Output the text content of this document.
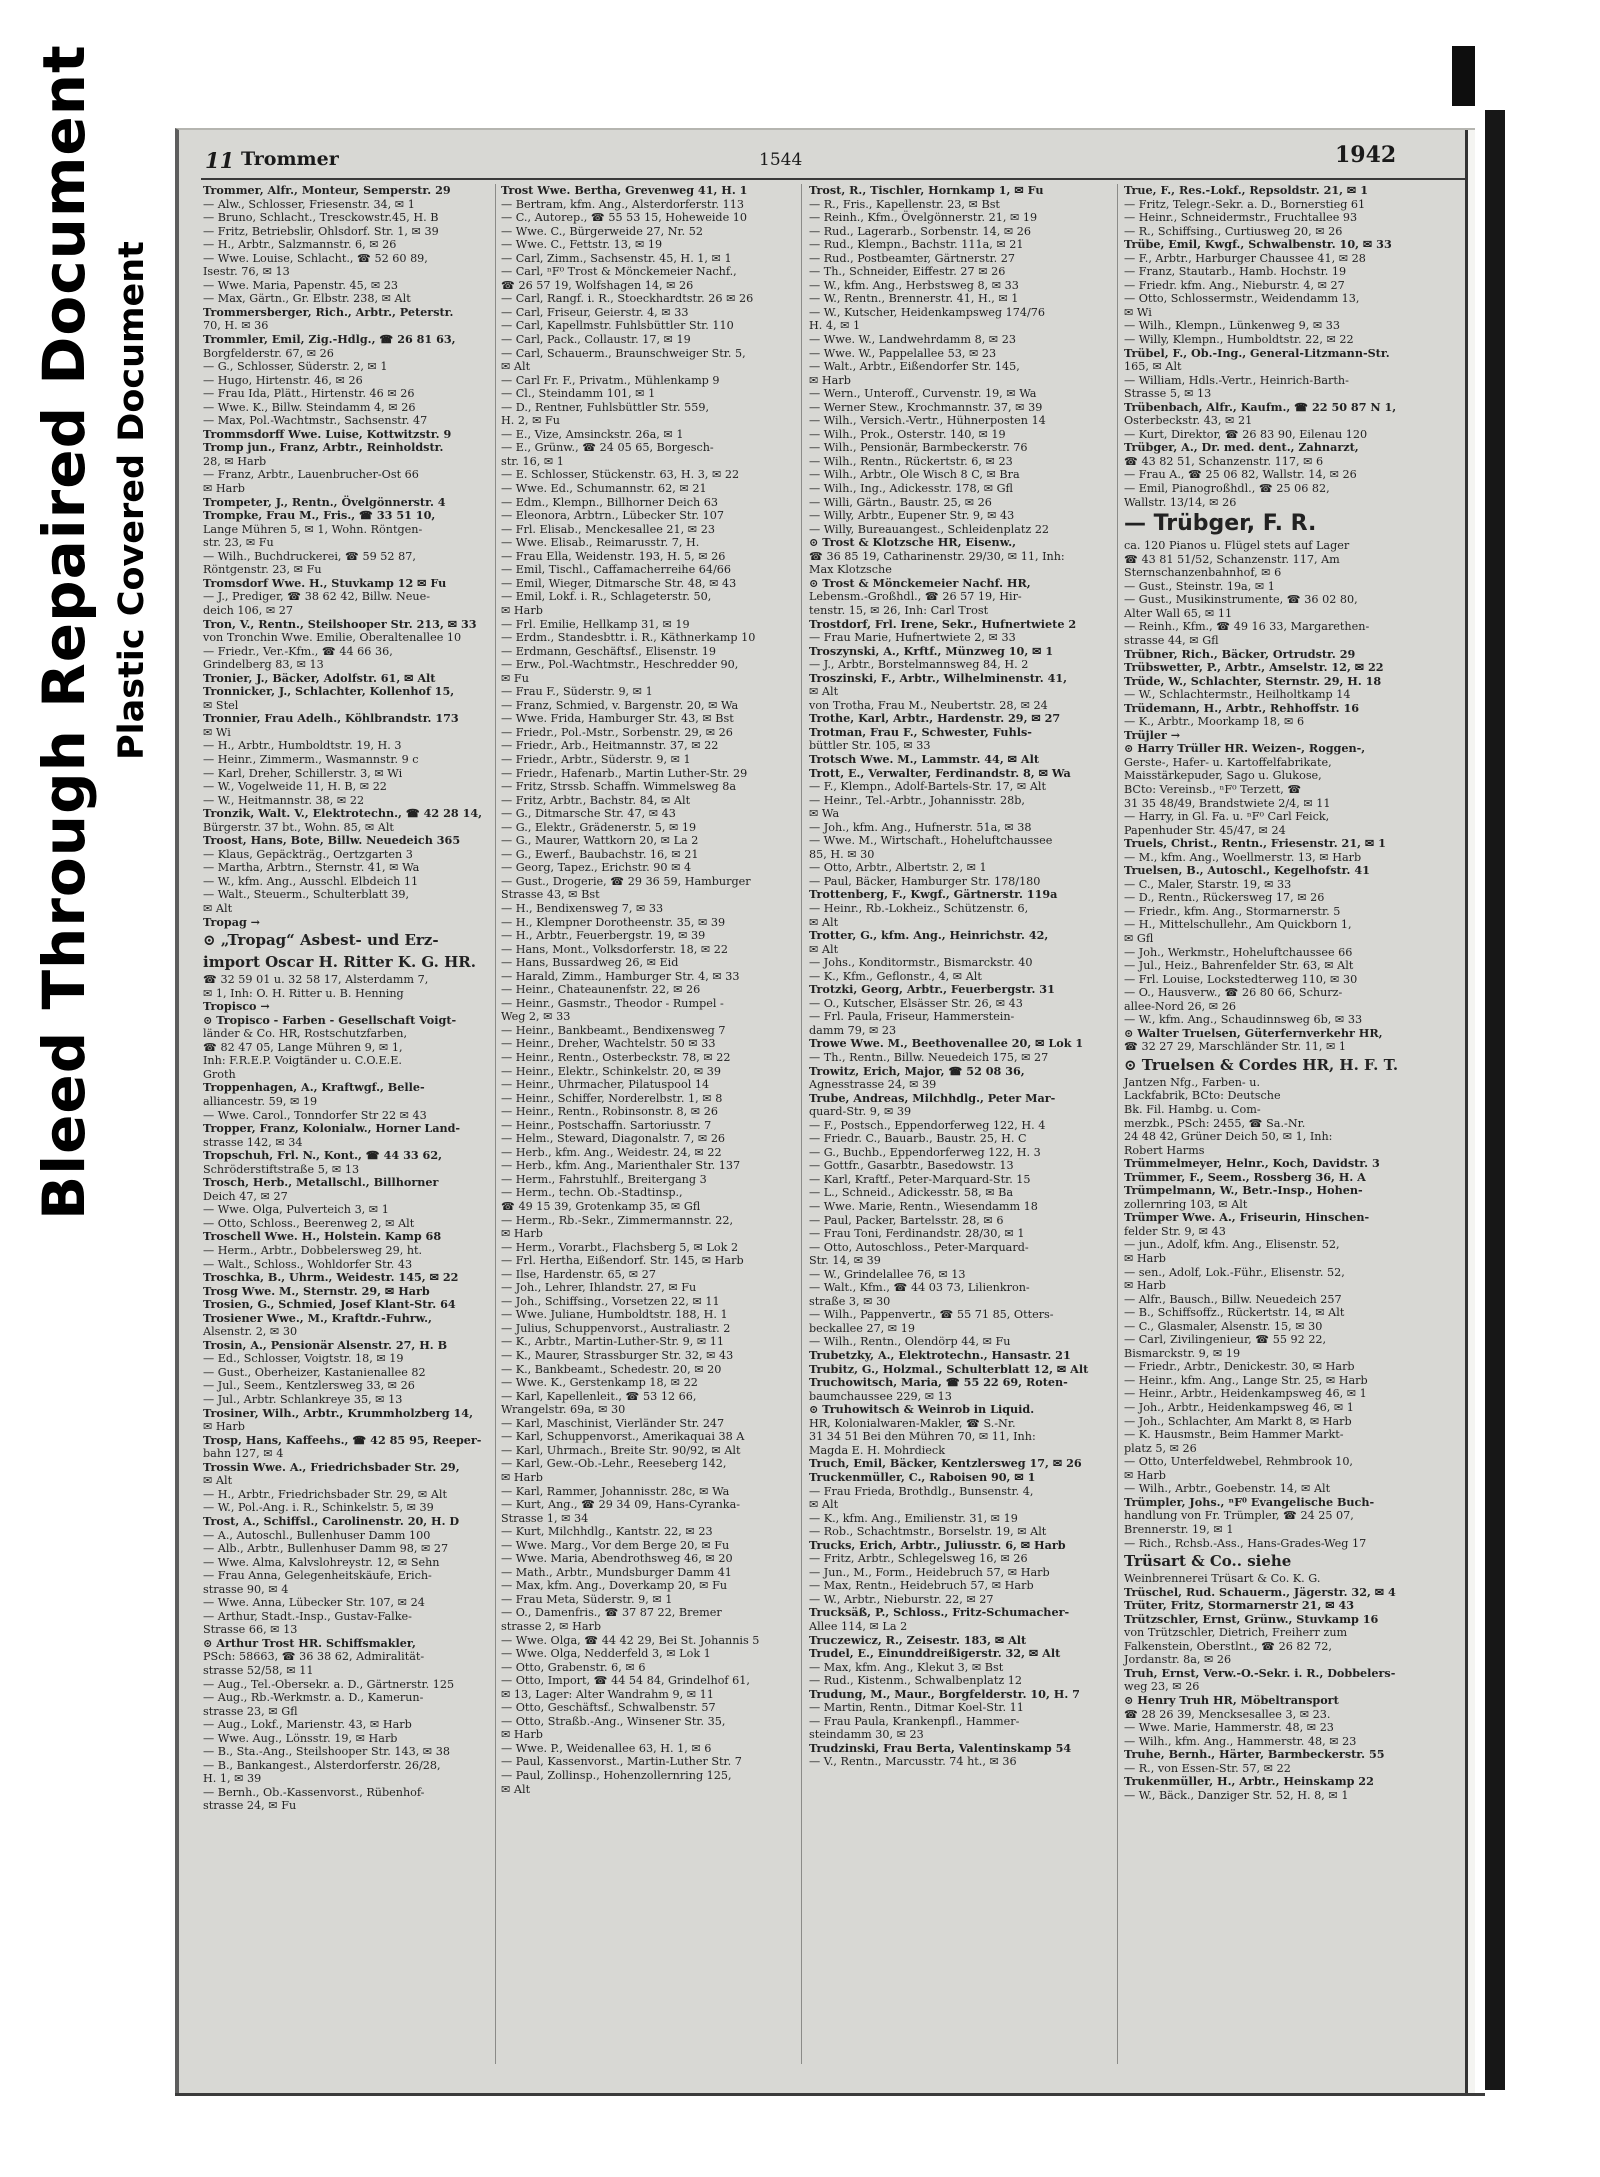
Bleed Through Repaired Document Plastic Covered Document
11 Trommer	1544	1942
Trommer, Alfr., Monteur, Semperstr. 29
— Alw., Schlosser, Friesenstr. 34, ✉ 1
— Bruno, Schlacht., Tresckowstr.45, H. B
— Fritz, Betriebslir, Ohlsdorf. Str. 1, ✉ 39
— H., Arbtr., Salzmannstr. 6, ✉ 26
— Wwe. Louise, Schlacht., ☎ 52 60 89,
Isestr. 76, ✉ 13
— Wwe. Maria, Papenstr. 45, ✉ 23
— Max, Gärtn., Gr. Elbstr. 238, ✉ Alt
Trommersberger, Rich., Arbtr., Peterstr.
70, H. ✉ 36
Trommler, Emil, Zig.-Hdlg., ☎ 26 81 63,
Borgfelderstr. 67, ✉ 26
— G., Schlosser, Süderstr. 2, ✉ 1
— Hugo, Hirtenstr. 46, ✉ 26
— Frau Ida, Plätt., Hirtenstr. 46 ✉ 26
— Wwe. K., Billw. Steindamm 4, ✉ 26
— Max, Pol.-Wachtmstr., Sachsenstr. 47
Trommsdorff Wwe. Luise, Kottwitzstr. 9
Tromp jun., Franz, Arbtr., Reinholdstr.
28, ✉ Harb
— Franz, Arbtr., Lauenbrucher-Ost 66
✉ Harb
Trompeter, J., Rentn., Övelgönnerstr. 4
Trompke, Frau M., Fris., ☎ 33 51 10,
Lange Mühren 5, ✉ 1, Wohn. Röntgen-
str. 23, ✉ Fu
— Wilh., Buchdruckerei, ☎ 59 52 87,
Röntgenstr. 23, ✉ Fu
Tromsdorf Wwe. H., Stuvkamp 12 ✉ Fu
— J., Prediger, ☎ 38 62 42, Billw. Neue-
deich 106, ✉ 27
Tron, V., Rentn., Steilshooper Str. 213, ✉ 33
von Tronchin Wwe. Emilie, Oberaltenallee 10
— Friedr., Ver.-Kfm., ☎ 44 66 36,
Grindelberg 83, ✉ 13
Tronier, J., Bäcker, Adolfstr. 61, ✉ Alt
Tronnicker, J., Schlachter, Kollenhof 15,
✉ Stel
Tronnier, Frau Adelh., Köhlbrandstr. 173
✉ Wi
— H., Arbtr., Humboldtstr. 19, H. 3
— Heinr., Zimmerm., Wasmannstr. 9 c
— Karl, Dreher, Schillerstr. 3, ✉ Wi
— W., Vogelweide 11, H. B, ✉ 22
— W., Heitmannstr. 38, ✉ 22
Tronzik, Walt. V., Elektrotechn., ☎ 42 28 14,
Bürgerstr. 37 bt., Wohn. 85, ✉ Alt
Troost, Hans, Bote, Billw. Neuedeich 365
— Klaus, Gepäckträg., Oertzgarten 3
— Martha, Arbtrn., Sternstr. 41, ✉ Wa
— W., kfm. Ang., Ausschl. Elbdeich 11
— Walt., Steuerm., Schulterblatt 39,
✉ Alt
Tropag →
⊙ „Tropag“ Asbest- und Erz-
import Oscar H. Ritter K. G. HR.
☎ 32 59 01 u. 32 58 17, Alsterdamm 7,
✉ 1, Inh: O. H. Ritter u. B. Henning
Tropisco →
⊙ Tropisco - Farben - Gesellschaft Voigt-
länder & Co. HR, Rostschutzfarben,
☎ 82 47 05, Lange Mühren 9, ✉ 1,
Inh: F.R.E.P. Voigtänder u. C.O.E.E.
Groth
Troppenhagen, A., Kraftwgf., Belle-
alliancestr. 59, ✉ 19
— Wwe. Carol., Tonndorfer Str 22 ✉ 43
Tropper, Franz, Kolonialw., Horner Land-
strasse 142, ✉ 34
Tropschuh, Frl. N., Kont., ☎ 44 33 62,
Schröderstiftstraße 5, ✉ 13
Trosch, Herb., Metallschl., Billhorner
Deich 47, ✉ 27
— Wwe. Olga, Pulverteich 3, ✉ 1
— Otto, Schloss., Beerenweg 2, ✉ Alt
Troschell Wwe. H., Holstein. Kamp 68
— Herm., Arbtr., Dobbelersweg 29, ht.
— Walt., Schloss., Wohldorfer Str. 43
Troschka, B., Uhrm., Weidestr. 145, ✉ 22
Trosg Wwe. M., Sternstr. 29, ✉ Harb
Trosien, G., Schmied, Josef Klant-Str. 64
Trosiener Wwe., M., Kraftdr.-Fuhrw.,
Alsenstr. 2, ✉ 30
Trosin, A., Pensionär Alsenstr. 27, H. B
— Ed., Schlosser, Voigtstr. 18, ✉ 19
— Gust., Oberheizer, Kastanienallee 82
— Jul., Seem., Kentzlersweg 33, ✉ 26
— Jul., Arbtr. Schlankreye 35, ✉ 13
Trosiner, Wilh., Arbtr., Krummholzberg 14,
✉ Harb
Trosp, Hans, Kaffeehs., ☎ 42 85 95, Reeper-
bahn 127, ✉ 4
Trossin Wwe. A., Friedrichsbader Str. 29,
✉ Alt
— H., Arbtr., Friedrichsbader Str. 29, ✉ Alt
— W., Pol.-Ang. i. R., Schinkelstr. 5, ✉ 39
Trost, A., Schiffsl., Carolinenstr. 20, H. D
— A., Autoschl., Bullenhuser Damm 100
— Alb., Arbtr., Bullenhuser Damm 98, ✉ 27
— Wwe. Alma, Kalvslohreystr. 12, ✉ Sehn
— Frau Anna, Gelegenheitskäufe, Erich-
strasse 90, ✉ 4
— Wwe. Anna, Lübecker Str. 107, ✉ 24
— Arthur, Stadt.-Insp., Gustav-Falke-
Strasse 66, ✉ 13
⊙ Arthur Trost HR. Schiffsmakler,
PSch: 58663, ☎ 36 38 62, Admiralität-
strasse 52/58, ✉ 11
— Aug., Tel.-Obersekr. a. D., Gärtnerstr. 125
— Aug., Rb.-Werkmstr. a. D., Kamerun-
strasse 23, ✉ Gfl
— Aug., Lokf., Marienstr. 43, ✉ Harb
— Wwe. Aug., Lönsstr. 19, ✉ Harb
— B., Sta.-Ang., Steilshooper Str. 143, ✉ 38
— B., Bankangest., Alsterdorferstr. 26/28,
H. 1, ✉ 39
— Bernh., Ob.-Kassenvorst., Rübenhof-
strasse 24, ✉ Fu
Trost Wwe. Bertha, Grevenweg 41, H. 1
— Bertram, kfm. Ang., Alsterdorferstr. 113
— C., Autorep., ☎ 55 53 15, Hoheweide 10
— Wwe. C., Bürgerweide 27, Nr. 52
— Wwe. C., Fettstr. 13, ✉ 19
— Carl, Zimm., Sachsenstr. 45, H. 1, ✉ 1
— Carl, ⁿF⁰ Trost & Mönckemeier Nachf.,
☎ 26 57 19, Wolfshagen 14, ✉ 26
— Carl, Rangf. i. R., Stoeckhardtstr. 26 ✉ 26
— Carl, Friseur, Geierstr. 4, ✉ 33
— Carl, Kapellmstr. Fuhlsbüttler Str. 110
— Carl, Pack., Collaustr. 17, ✉ 19
— Carl, Schauerm., Braunschweiger Str. 5,
✉ Alt
— Carl Fr. F., Privatm., Mühlenkamp 9
— Cl., Steindamm 101, ✉ 1
— D., Rentner, Fuhlsbüttler Str. 559,
H. 2, ✉ Fu
— E., Vize, Amsinckstr. 26a, ✉ 1
— E., Grünw., ☎ 24 05 65, Borgesch-
str. 16, ✉ 1
— E. Schlosser, Stückenstr. 63, H. 3, ✉ 22
— Wwe. Ed., Schumannstr. 62, ✉ 21
— Edm., Klempn., Billhorner Deich 63
— Eleonora, Arbtrn., Lübecker Str. 107
— Frl. Elisab., Menckesallee 21, ✉ 23
— Wwe. Elisab., Reimarusstr. 7, H.
— Frau Ella, Weidenstr. 193, H. 5, ✉ 26
— Emil, Tischl., Caffamacherreihe 64/66
— Emil, Wieger, Ditmarsche Str. 48, ✉ 43
— Emil, Lokf. i. R., Schlageterstr. 50,
✉ Harb
— Frl. Emilie, Hellkamp 31, ✉ 19
— Erdm., Standesbttr. i. R., Käthnerkamp 10
— Erdmann, Geschäftsf., Elisenstr. 19
— Erw., Pol.-Wachtmstr., Heschredder 90,
✉ Fu
— Frau F., Süderstr. 9, ✉ 1
— Franz, Schmied, v. Bargenstr. 20, ✉ Wa
— Wwe. Frida, Hamburger Str. 43, ✉ Bst
— Friedr., Pol.-Mstr., Sorbenstr. 29, ✉ 26
— Friedr., Arb., Heitmannstr. 37, ✉ 22
— Friedr., Arbtr., Süderstr. 9, ✉ 1
— Friedr., Hafenarb., Martin Luther-Str. 29
— Fritz, Strssb. Schaffn. Wimmelsweg 8a
— Fritz, Arbtr., Bachstr. 84, ✉ Alt
— G., Ditmarsche Str. 47, ✉ 43
— G., Elektr., Grädenerstr. 5, ✉ 19
— G., Maurer, Wattkorn 20, ✉ La 2
— G., Ewerf., Baubachstr. 16, ✉ 21
— Georg, Tapez., Erichstr. 90 ✉ 4
— Gust., Drogerie, ☎ 29 36 59, Hamburger
Strasse 43, ✉ Bst
— H., Bendixensweg 7, ✉ 33
— H., Klempner Dorotheenstr. 35, ✉ 39
— H., Arbtr., Feuerbergstr. 19, ✉ 39
— Hans, Mont., Volksdorferstr. 18, ✉ 22
— Hans, Bussardweg 26, ✉ Eid
— Harald, Zimm., Hamburger Str. 4, ✉ 33
— Heinr., Chateaunenfstr. 22, ✉ 26
— Heinr., Gasmstr., Theodor - Rumpel -
Weg 2, ✉ 33
— Heinr., Bankbeamt., Bendixensweg 7
— Heinr., Dreher, Wachtelstr. 50 ✉ 33
— Heinr., Rentn., Osterbeckstr. 78, ✉ 22
— Heinr., Elektr., Schinkelstr. 20, ✉ 39
— Heinr., Uhrmacher, Pilatuspool 14
— Heinr., Schiffer, Norderelbstr. 1, ✉ 8
— Heinr., Rentn., Robinsonstr. 8, ✉ 26
— Heinr., Postschaffn. Sartoriusstr. 7
— Helm., Steward, Diagonalstr. 7, ✉ 26
— Herb., kfm. Ang., Weidestr. 24, ✉ 22
— Herb., kfm. Ang., Marienthaler Str. 137
— Herm., Fahrstuhlf., Breitergang 3
— Herm., techn. Ob.-Stadtinsp.,
☎ 49 15 39, Grotenkamp 35, ✉ Gfl
— Herm., Rb.-Sekr., Zimmermannstr. 22,
✉ Harb
— Herm., Vorarbt., Flachsberg 5, ✉ Lok 2
— Frl. Hertha, Eißendorf. Str. 145, ✉ Harb
— Ilse, Hardenstr. 65, ✉ 27
— Joh., Lehrer, Ihlandstr. 27, ✉ Fu
— Joh., Schiffsing., Vorsetzen 22, ✉ 11
— Wwe. Juliane, Humboldtstr. 188, H. 1
— Julius, Schuppenvorst., Australiastr. 2
— K., Arbtr., Martin-Luther-Str. 9, ✉ 11
— K., Maurer, Strassburger Str. 32, ✉ 43
— K., Bankbeamt., Schedestr. 20, ✉ 20
— Wwe. K., Gerstenkamp 18, ✉ 22
— Karl, Kapellenleit., ☎ 53 12 66,
Wrangelstr. 69a, ✉ 30
— Karl, Maschinist, Vierländer Str. 247
— Karl, Schuppenvorst., Amerikaquai 38 A
— Karl, Uhrmach., Breite Str. 90/92, ✉ Alt
— Karl, Gew.-Ob.-Lehr., Reeseberg 142,
✉ Harb
— Karl, Rammer, Johannisstr. 28c, ✉ Wa
— Kurt, Ang., ☎ 29 34 09, Hans-Cyranka-
Strasse 1, ✉ 34
— Kurt, Milchhdlg., Kantstr. 22, ✉ 23
— Wwe. Marg., Vor dem Berge 20, ✉ Fu
— Wwe. Maria, Abendrothsweg 46, ✉ 20
— Math., Arbtr., Mundsburger Damm 41
— Max, kfm. Ang., Doverkamp 20, ✉ Fu
— Frau Meta, Süderstr. 9, ✉ 1
— O., Damenfris., ☎ 37 87 22, Bremer
strasse 2, ✉ Harb
— Wwe. Olga, ☎ 44 42 29, Bei St. Johannis 5
— Wwe. Olga, Nedderfeld 3, ✉ Lok 1
— Otto, Grabenstr. 6, ✉ 6
— Otto, Import, ☎ 44 54 84, Grindelhof 61,
✉ 13, Lager: Alter Wandrahm 9, ✉ 11
— Otto, Geschäftsf., Schwalbenstr. 57
— Otto, Straßb.-Ang., Winsener Str. 35,
✉ Harb
— Wwe. P., Weidenallee 63, H. 1, ✉ 6
— Paul, Kassenvorst., Martin-Luther Str. 7
— Paul, Zollinsp., Hohenzollernring 125,
✉ Alt
Trost, R., Tischler, Hornkamp 1, ✉ Fu
— R., Fris., Kapellenstr. 23, ✉ Bst
— Reinh., Kfm., Övelgönnerstr. 21, ✉ 19
— Rud., Lagerarb., Sorbenstr. 14, ✉ 26
— Rud., Klempn., Bachstr. 111a, ✉ 21
— Rud., Postbeamter, Gärtnerstr. 27
— Th., Schneider, Eiffestr. 27 ✉ 26
— W., kfm. Ang., Herbstsweg 8, ✉ 33
— W., Rentn., Brennerstr. 41, H., ✉ 1
— W., Kutscher, Heidenkampsweg 174/76
H. 4, ✉ 1
— Wwe. W., Landwehrdamm 8, ✉ 23
— Wwe. W., Pappelallee 53, ✉ 23
— Walt., Arbtr., Eißendorfer Str. 145,
✉ Harb
— Wern., Unteroff., Curvenstr. 19, ✉ Wa
— Werner Stew., Krochmannstr. 37, ✉ 39
— Wilh., Versich.-Vertr., Hühnerposten 14
— Wilh., Prok., Osterstr. 140, ✉ 19
— Wilh., Pensionär, Barmbeckerstr. 76
— Wilh., Rentn., Rückertstr. 6, ✉ 23
— Wilh., Arbtr., Ole Wisch 8 C, ✉ Bra
— Wilh., Ing., Adickesstr. 178, ✉ Gfl
— Willi, Gärtn., Baustr. 25, ✉ 26
— Willy, Arbtr., Eupener Str. 9, ✉ 43
— Willy, Bureauangest., Schleidenplatz 22
⊙ Trost & Klotzsche HR, Eisenw.,
☎ 36 85 19, Catharinenstr. 29/30, ✉ 11, Inh:
Max Klotzsche
⊙ Trost & Mönckemeier Nachf. HR,
Lebensm.-Großhdl., ☎ 26 57 19, Hir-
tenstr. 15, ✉ 26, Inh: Carl Trost
Trostdorf, Frl. Irene, Sekr., Hufnertwiete 2
— Frau Marie, Hufnertwiete 2, ✉ 33
Troszynski, A., Krftf., Münzweg 10, ✉ 1
— J., Arbtr., Borstelmannsweg 84, H. 2
Troszinski, F., Arbtr., Wilhelminenstr. 41,
✉ Alt
von Trotha, Frau M., Neubertstr. 28, ✉ 24
Trothe, Karl, Arbtr., Hardenstr. 29, ✉ 27
Trotman, Frau F., Schwester, Fuhls-
büttler Str. 105, ✉ 33
Trotsch Wwe. M., Lammstr. 44, ✉ Alt
Trott, E., Verwalter, Ferdinandstr. 8, ✉ Wa
— F., Klempn., Adolf-Bartels-Str. 17, ✉ Alt
— Heinr., Tel.-Arbtr., Johannisstr. 28b,
✉ Wa
— Joh., kfm. Ang., Hufnerstr. 51a, ✉ 38
— Wwe. M., Wirtschaft., Hoheluftchaussee
85, H. ✉ 30
— Otto, Arbtr., Albertstr. 2, ✉ 1
— Paul, Bäcker, Hamburger Str. 178/180
Trottenberg, F., Kwgf., Gärtnerstr. 119a
— Heinr., Rb.-Lokheiz., Schützenstr. 6,
✉ Alt
Trotter, G., kfm. Ang., Heinrichstr. 42,
✉ Alt
— Johs., Konditormstr., Bismarckstr. 40
— K., Kfm., Geflonstr., 4, ✉ Alt
Trotzki, Georg, Arbtr., Feuerbergstr. 31
— O., Kutscher, Elsässer Str. 26, ✉ 43
— Frl. Paula, Friseur, Hammerstein-
damm 79, ✉ 23
Trowe Wwe. M., Beethovenallee 20, ✉ Lok 1
— Th., Rentn., Billw. Neuedeich 175, ✉ 27
Trowitz, Erich, Major, ☎ 52 08 36,
Agnesstrasse 24, ✉ 39
Trube, Andreas, Milchhdlg., Peter Mar-
quard-Str. 9, ✉ 39
— F., Postsch., Eppendorferweg 122, H. 4
— Friedr. C., Bauarb., Baustr. 25, H. C
— G., Buchb., Eppendorferweg 122, H. 3
— Gottfr., Gasarbtr., Basedowstr. 13
— Karl, Kraftf., Peter-Marquard-Str. 15
— L., Schneid., Adickesstr. 58, ✉ Ba
— Wwe. Marie, Rentn., Wiesendamm 18
— Paul, Packer, Bartelsstr. 28, ✉ 6
— Frau Toni, Ferdinandstr. 28/30, ✉ 1
— Otto, Autoschloss., Peter-Marquard-
Str. 14, ✉ 39
— W., Grindelallee 76, ✉ 13
— Walt., Kfm., ☎ 44 03 73, Lilienkron-
straße 3, ✉ 30
— Wilh., Pappenvertr., ☎ 55 71 85, Otters-
beckallee 27, ✉ 19
— Wilh., Rentn., Olendörp 44, ✉ Fu
Trubetzky, A., Elektrotechn., Hansastr. 21
Trubitz, G., Holzmal., Schulterblatt 12, ✉ Alt
Truchowitsch, Maria, ☎ 55 22 69, Roten-
baumchaussee 229, ✉ 13
⊙ Truhowitsch & Weinrob in Liquid.
HR, Kolonialwaren-Makler, ☎ S.-Nr.
31 34 51 Bei den Mühren 70, ✉ 11, Inh:
Magda E. H. Mohrdieck
Truch, Emil, Bäcker, Kentzlersweg 17, ✉ 26
Truckenmüller, C., Raboisen 90, ✉ 1
— Frau Frieda, Brothdlg., Bunsenstr. 4,
✉ Alt
— K., kfm. Ang., Emilienstr. 31, ✉ 19
— Rob., Schachtmstr., Borselstr. 19, ✉ Alt
Trucks, Erich, Arbtr., Juliusstr. 6, ✉ Harb
— Fritz, Arbtr., Schlegelsweg 16, ✉ 26
— Jun., M., Form., Heidebruch 57, ✉ Harb
— Max, Rentn., Heidebruch 57, ✉ Harb
— W., Arbtr., Nieburstr. 22, ✉ 27
Trucksäß, P., Schloss., Fritz-Schumacher-
Allee 114, ✉ La 2
Truczewicz, R., Zeisestr. 183, ✉ Alt
Trudel, E., Einunddreißigerstr. 32, ✉ Alt
— Max, kfm. Ang., Klekut 3, ✉ Bst
— Rud., Kistenm., Schwalbenplatz 12
Trudung, M., Maur., Borgfelderstr. 10, H. 7
— Martin, Rentn., Ditmar Koel-Str. 11
— Frau Paula, Krankenpfl., Hammer-
steindamm 30, ✉ 23
Trudzinski, Frau Berta, Valentinskamp 54
— V., Rentn., Marcusstr. 74 ht., ✉ 36
True, F., Res.-Lokf., Repsoldstr. 21, ✉ 1
— Fritz, Telegr.-Sekr. a. D., Bornerstieg 61
— Heinr., Schneidermstr., Fruchtallee 93
— R., Schiffsing., Curtiusweg 20, ✉ 26
Trübe, Emil, Kwgf., Schwalbenstr. 10, ✉ 33
— F., Arbtr., Harburger Chaussee 41, ✉ 28
— Franz, Stautarb., Hamb. Hochstr. 19
— Friedr. kfm. Ang., Nieburstr. 4, ✉ 27
— Otto, Schlossermstr., Weidendamm 13,
✉ Wi
— Wilh., Klempn., Lünkenweg 9, ✉ 33
— Willy, Klempn., Humboldtstr. 22, ✉ 22
Trübel, F., Ob.-Ing., General-Litzmann-Str.
165, ✉ Alt
— William, Hdls.-Vertr., Heinrich-Barth-
Strasse 5, ✉ 13
Trübenbach, Alfr., Kaufm., ☎ 22 50 87 N 1,
Osterbeckstr. 43, ✉ 21
— Kurt, Direktor, ☎ 26 83 90, Eilenau 120
Trübger, A., Dr. med. dent., Zahnarzt,
☎ 43 82 51, Schanzenstr. 117, ✉ 6
— Frau A., ☎ 25 06 82, Wallstr. 14, ✉ 26
— Emil, Pianogroßhdl., ☎ 25 06 82,
Wallstr. 13/14, ✉ 26
— Trübger, F. R.
ca. 120 Pianos u. Flügel stets auf Lager
☎ 43 81 51/52, Schanzenstr. 117, Am
Sternschanzenbahnhof, ✉ 6
— Gust., Steinstr. 19a, ✉ 1
— Gust., Musikinstrumente, ☎ 36 02 80,
Alter Wall 65, ✉ 11
— Reinh., Kfm., ☎ 49 16 33, Margarethen-
strasse 44, ✉ Gfl
Trübner, Rich., Bäcker, Ortrudstr. 29
Trübswetter, P., Arbtr., Amselstr. 12, ✉ 22
Trüde, W., Schlachter, Sternstr. 29, H. 18
— W., Schlachtermstr., Heilholtkamp 14
Trüdemann, H., Arbtr., Rehhoffstr. 16
— K., Arbtr., Moorkamp 18, ✉ 6
Trüjler →
⊙ Harry Trüller HR. Weizen-, Roggen-,
Gerste-, Hafer- u. Kartoffelfabrikate,
Maisstärkepuder, Sago u. Glukose,
BCto: Vereinsb., ⁿF⁰ Terzett, ☎
31 35 48/49, Brandstwiete 2/4, ✉ 11
— Harry, in Gl. Fa. u. ⁿF⁰ Carl Feick,
Papenhuder Str. 45/47, ✉ 24
Truels, Christ., Rentn., Friesenstr. 21, ✉ 1
— M., kfm. Ang., Woellmerstr. 13, ✉ Harb
Truelsen, B., Autoschl., Kegelhofstr. 41
— C., Maler, Starstr. 19, ✉ 33
— D., Rentn., Rückersweg 17, ✉ 26
— Friedr., kfm. Ang., Stormarnerstr. 5
— H., Mittelschullehr., Am Quickborn 1,
✉ Gfl
— Joh., Werkmstr., Hoheluftchaussee 66
— Jul., Heiz., Bahrenfelder Str. 63, ✉ Alt
— Frl. Louise, Lockstedterweg 110, ✉ 30
— O., Hausverw., ☎ 26 80 66, Schurz-
allee-Nord 26, ✉ 26
— W., kfm. Ang., Schaudinnsweg 6b, ✉ 33
⊙ Walter Truelsen, Güterfernverkehr HR,
☎ 32 27 29, Marschländer Str. 11, ✉ 1
⊙ Truelsen & Cordes HR, H. F. T.
Jantzen Nfg., Farben- u.
Lackfabrik, BCto: Deutsche
Bk. Fil. Hambg. u. Com-
merzbk., PSch: 2455, ☎ Sa.-Nr.
24 48 42, Grüner Deich 50, ✉ 1, Inh:
Robert Harms
Trümmelmeyer, Helnr., Koch, Davidstr. 3
Trümmer, F., Seem., Rossberg 36, H. A
Trümpelmann, W., Betr.-Insp., Hohen-
zollernring 103, ✉ Alt
Trümper Wwe. A., Friseurin, Hinschen-
felder Str. 9, ✉ 43
— jun., Adolf, kfm. Ang., Elisenstr. 52,
✉ Harb
— sen., Adolf, Lok.-Führ., Elisenstr. 52,
✉ Harb
— Alfr., Bausch., Billw. Neuedeich 257
— B., Schiffsoffz., Rückertstr. 14, ✉ Alt
— C., Glasmaler, Alsenstr. 15, ✉ 30
— Carl, Zivilingenieur, ☎ 55 92 22,
Bismarckstr. 9, ✉ 19
— Friedr., Arbtr., Denickestr. 30, ✉ Harb
— Heinr., kfm. Ang., Lange Str. 25, ✉ Harb
— Heinr., Arbtr., Heidenkampsweg 46, ✉ 1
— Joh., Arbtr., Heidenkampsweg 46, ✉ 1
— Joh., Schlachter, Am Markt 8, ✉ Harb
— K. Hausmstr., Beim Hammer Markt-
platz 5, ✉ 26
— Otto, Unterfeldwebel, Rehmbrook 10,
✉ Harb
— Wilh., Arbtr., Goebenstr. 14, ✉ Alt
Trümpler, Johs., ⁿF⁰ Evangelische Buch-
handlung von Fr. Trümpler, ☎ 24 25 07,
Brennerstr. 19, ✉ 1
— Rich., Rchsb.-Ass., Hans-Grades-Weg 17
Trüsart & Co.. siehe
Weinbrennerei Trüsart & Co. K. G.
Trüschel, Rud. Schauerm., Jägerstr. 32, ✉ 4
Trüter, Fritz, Stormarnerstr 21, ✉ 43
Trützschler, Ernst, Grünw., Stuvkamp 16
von Trützschler, Dietrich, Freiherr zum
Falkenstein, Oberstlnt., ☎ 26 82 72,
Jordanstr. 8a, ✉ 26
Truh, Ernst, Verw.-O.-Sekr. i. R., Dobbelers-
weg 23, ✉ 26
⊙ Henry Truh HR, Möbeltransport
☎ 28 26 39, Mencksesallee 3, ✉ 23.
— Wwe. Marie, Hammerstr. 48, ✉ 23
— Wilh., kfm. Ang., Hammerstr. 48, ✉ 23
Truhe, Bernh., Härter, Barmbeckerstr. 55
— R., von Essen-Str. 57, ✉ 22
Trukenmüller, H., Arbtr., Heinskamp 22
— W., Bäck., Danziger Str. 52, H. 8, ✉ 1
